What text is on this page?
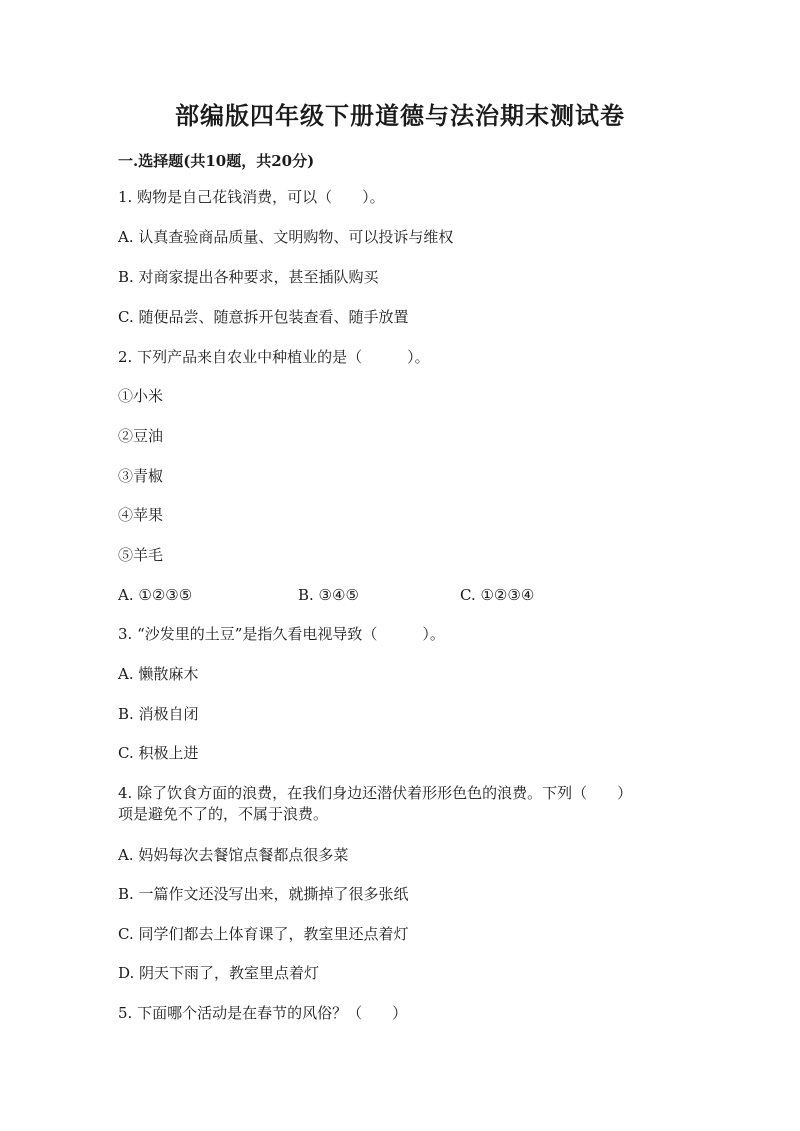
部编版四年级下册道德与法治期末测试卷
一.选择题(共10题，共20分)
1. 购物是自己花钱消费，可以（　　）。
A. 认真查验商品质量、文明购物、可以投诉与维权
B. 对商家提出各种要求，甚至插队购买
C. 随便品尝、随意拆开包装查看、随手放置
2. 下列产品来自农业中种植业的是（　　　）。
①小米
②豆油
③青椒
④苹果
⑤羊毛
A. ①②③⑤	B. ③④⑤	C. ①②③④
3. “沙发里的土豆”是指久看电视导致（　　　）。
A. 懒散麻木
B. 消极自闭
C. 积极上进
4. 除了饮食方面的浪费，在我们身边还潜伏着形形色色的浪费。下列（　　）
项是避免不了的，不属于浪费。
A. 妈妈每次去餐馆点餐都点很多菜
B. 一篇作文还没写出来，就撕掉了很多张纸
C. 同学们都去上体育课了，教室里还点着灯
D. 阴天下雨了，教室里点着灯
5. 下面哪个活动是在春节的风俗？（　　）
